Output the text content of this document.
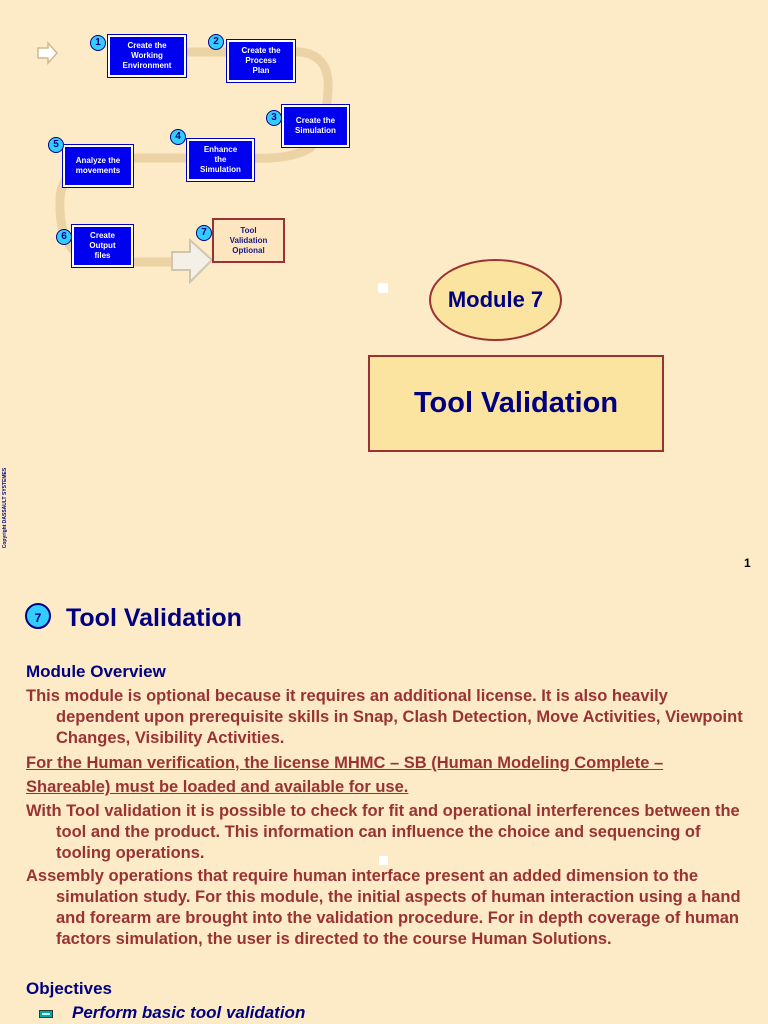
Create the
Working
Environment
1
Create the
Process
Plan
2
Create the
Simulation
3
Enhance
the
Simulation
4
Analyze the
movements
5
Create
Output
files
6
Tool
Validation
Optional
7
Module 7
Tool Validation
Copyright DASSAULT SYSTEMES
1
7 Tool Validation
Module Overview
This module is optional because it requires an additional license. It is also heavily dependent upon prerequisite skills in Snap, Clash Detection, Move Activities, Viewpoint Changes, Visibility Activities.
For the Human verification, the license MHMC – SB (Human Modeling Complete – Shareable) must be loaded and available for use.
With Tool validation it is possible to check for fit and operational interferences between the tool and the product. This information can influence the choice and sequencing of tooling operations.
Assembly operations that require human interface present an added dimension to the simulation study. For this module, the initial aspects of human interaction using a hand and forearm are brought into the validation procedure. For in depth coverage of human factors simulation, the user is directed to the course Human Solutions.
Objectives
Perform basic tool validation
